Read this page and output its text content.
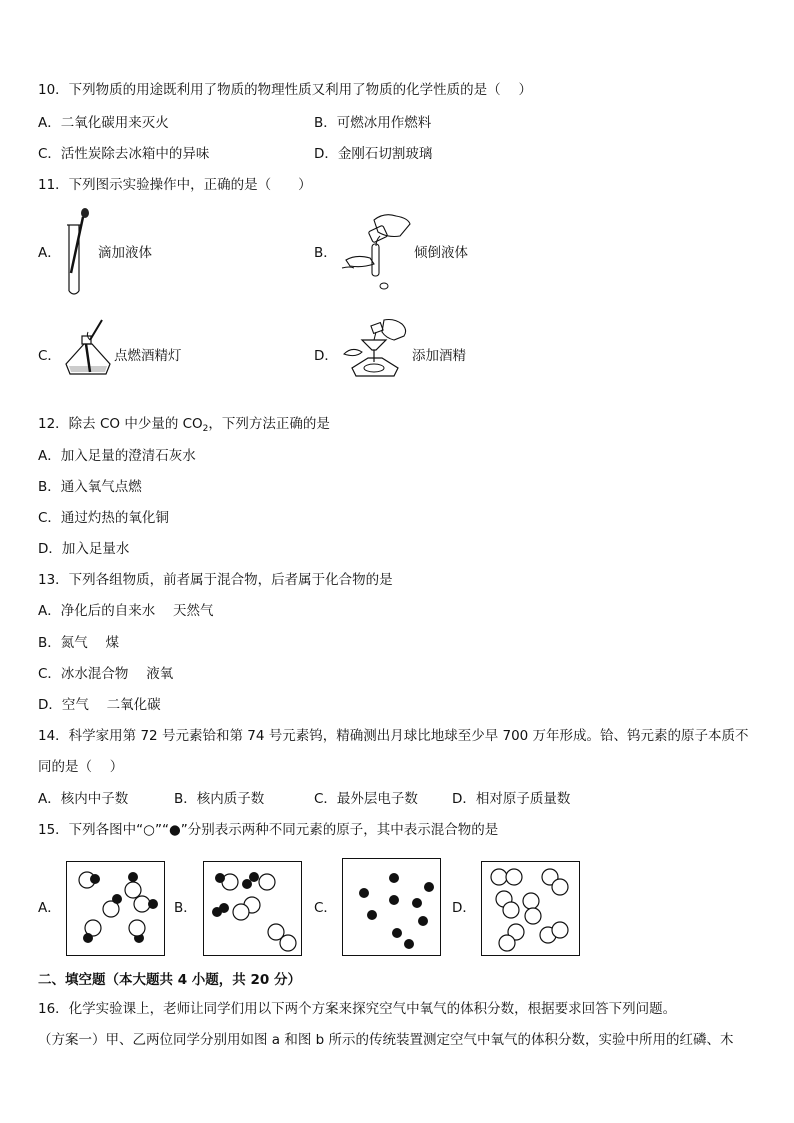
10．下列物质的用途既利用了物质的物理性质又利用了物质的化学性质的是（　 ）
A．二氧化碳用来灭火	B．可燃冰用作燃料
C．活性炭除去冰箱中的异味	D．金刚石切割玻璃
11．下列图示实验操作中，正确的是（　　）
A．	滴加液体	B．	倾倒液体
C．	点燃酒精灯	D．	添加酒精
12．除去 CO 中少量的 $CO_2$，下列方法正确的是
A．加入足量的澄清石灰水
B．通入氧气点燃
C．通过灼热的氧化铜
D．加入足量水
13．下列各组物质，前者属于混合物，后者属于化合物的是
A．净化后的自来水　 天然气
B．氮气　 煤
C．冰水混合物　 液氧
D．空气　 二氧化碳
14．科学家用第 72 号元素铪和第 74 号元素钨，精确测出月球比地球至少早 700 万年形成。铪、钨元素的原子本质不
同的是（　 ）
A．核内中子数	B．核内质子数	C．最外层电子数	D．相对原子质量数
15．下列各图中“○”“●”分别表示两种不同元素的原子，其中表示混合物的是
A．	B．	C．	D．
二、填空题（本大题共 4 小题，共 20 分）
16．化学实验课上，老师让同学们用以下两个方案来探究空气中氧气的体积分数，根据要求回答下列问题。
（方案一）甲、乙两位同学分别用如图 a 和图 b 所示的传统装置测定空气中氧气的体积分数，实验中所用的红磷、木
